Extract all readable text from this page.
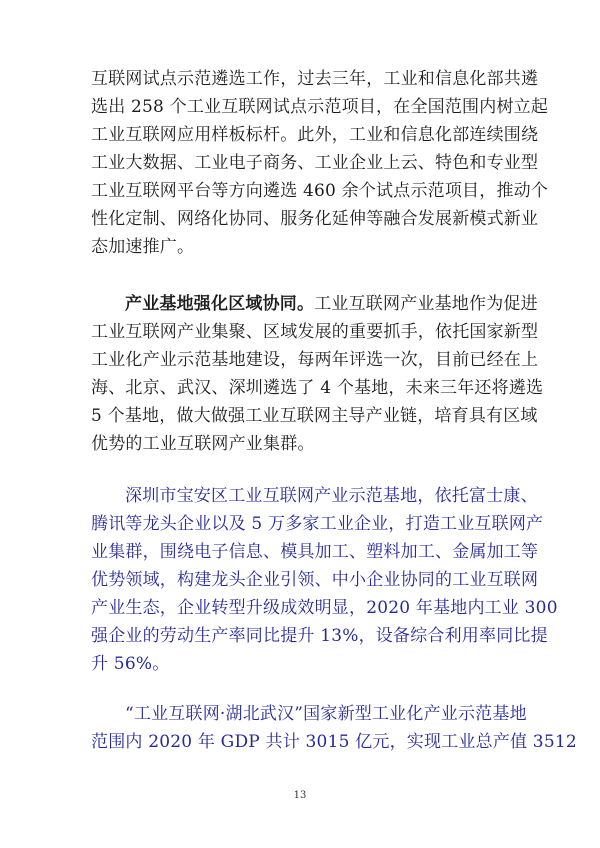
互联网试点示范遴选工作，过去三年，工业和信息化部共遴
选出 258 个工业互联网试点示范项目，在全国范围内树立起
工业互联网应用样板标杆。此外，工业和信息化部连续围绕
工业大数据、工业电子商务、工业企业上云、特色和专业型
工业互联网平台等方向遴选 460 余个试点示范项目，推动个
性化定制、网络化协同、服务化延伸等融合发展新模式新业
态加速推广。
产业基地强化区域协同。工业互联网产业基地作为促进
工业互联网产业集聚、区域发展的重要抓手，依托国家新型
工业化产业示范基地建设，每两年评选一次，目前已经在上
海、北京、武汉、深圳遴选了 4 个基地，未来三年还将遴选
5 个基地，做大做强工业互联网主导产业链，培育具有区域
优势的工业互联网产业集群。
深圳市宝安区工业互联网产业示范基地，依托富士康、
腾讯等龙头企业以及 5 万多家工业企业，打造工业互联网产
业集群，围绕电子信息、模具加工、塑料加工、金属加工等
优势领域，构建龙头企业引领、中小企业协同的工业互联网
产业生态，企业转型升级成效明显，2020 年基地内工业 300
强企业的劳动生产率同比提升 13%，设备综合利用率同比提
升 56%。
“工业互联网·湖北武汉”国家新型工业化产业示范基地
范围内 2020 年 GDP 共计 3015 亿元，实现工业总产值 3512
13
